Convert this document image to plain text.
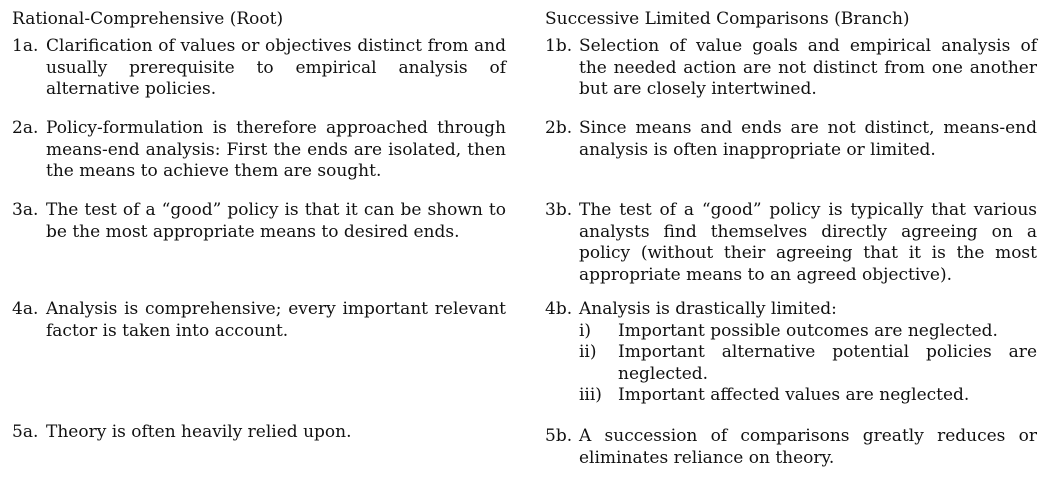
Rational-Comprehensive (Root)
1a. Clarification of values or objectives distinct from and usually prerequisite to empirical analysis of alternative policies.
2a. Policy-formulation is therefore approached through means-end analysis: First the ends are isolated, then the means to achieve them are sought.
3a. The test of a “good” policy is that it can be shown to be the most appropriate means to desired ends.
4a. Analysis is comprehensive; every important relevant factor is taken into account.
5a. Theory is often heavily relied upon.
Successive Limited Comparisons (Branch)
1b. Selection of value goals and empirical analysis of the needed action are not distinct from one another but are closely intertwined.
2b. Since means and ends are not distinct, means-end analysis is often inappropriate or limited.
3b. The test of a “good” policy is typically that various analysts find themselves directly agreeing on a policy (without their agreeing that it is the most appropriate means to an agreed objective).
4b. Analysis is drastically limited:
i)	Important possible outcomes are neglected.
ii)	Important alternative potential policies are neglected.
iii) Important affected values are neglected.
5b. A succession of comparisons greatly reduces or eliminates reliance on theory.
